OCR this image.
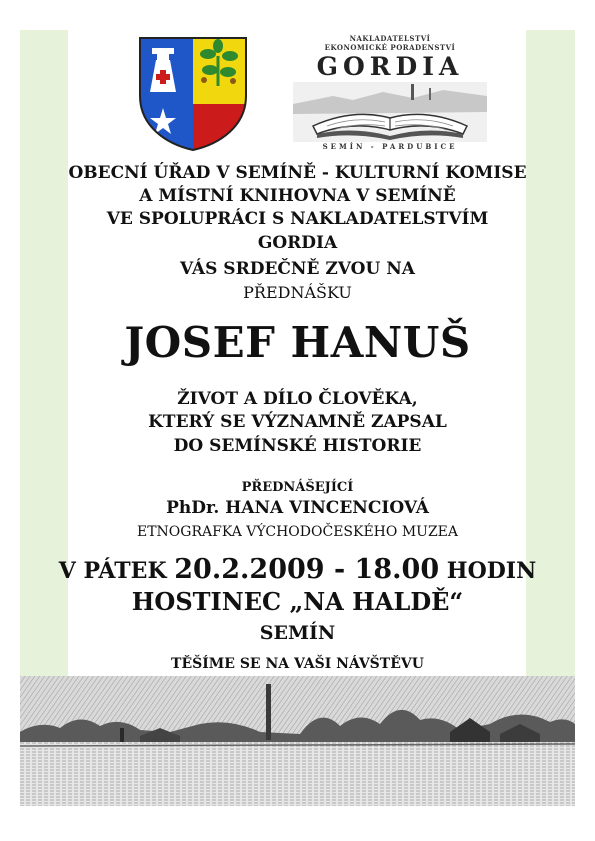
NAKLADATELSTVÍ
EKONOMICKÉ PORADENSTVÍ
GORDIA
SEMÍN - PARDUBICE
OBECNÍ ÚŘAD V SEMÍNĚ - KULTURNÍ KOMISE
A MÍSTNÍ KNIHOVNA V SEMÍNĚ
VE SPOLUPRÁCI S NAKLADATELSTVÍM
GORDIA
VÁS SRDEČNĚ ZVOU NA
PŘEDNÁŠKU
JOSEF HANUŠ
ŽIVOT A DÍLO ČLOVĚKA,
KTERÝ SE VÝZNAMNĚ ZAPSAL
DO SEMÍNSKÉ HISTORIE
PŘEDNÁŠEJÍCÍ
PhDr. HANA VINCENCIOVÁ
ETNOGRAFKA VÝCHODOČESKÉHO MUZEA
V PÁTEK 20.2.2009 - 18.00 HODIN
HOSTINEC „NA HALDĚ“
SEMÍN
TĚŠÍME SE NA VAŠI NÁVŠTĚVU
